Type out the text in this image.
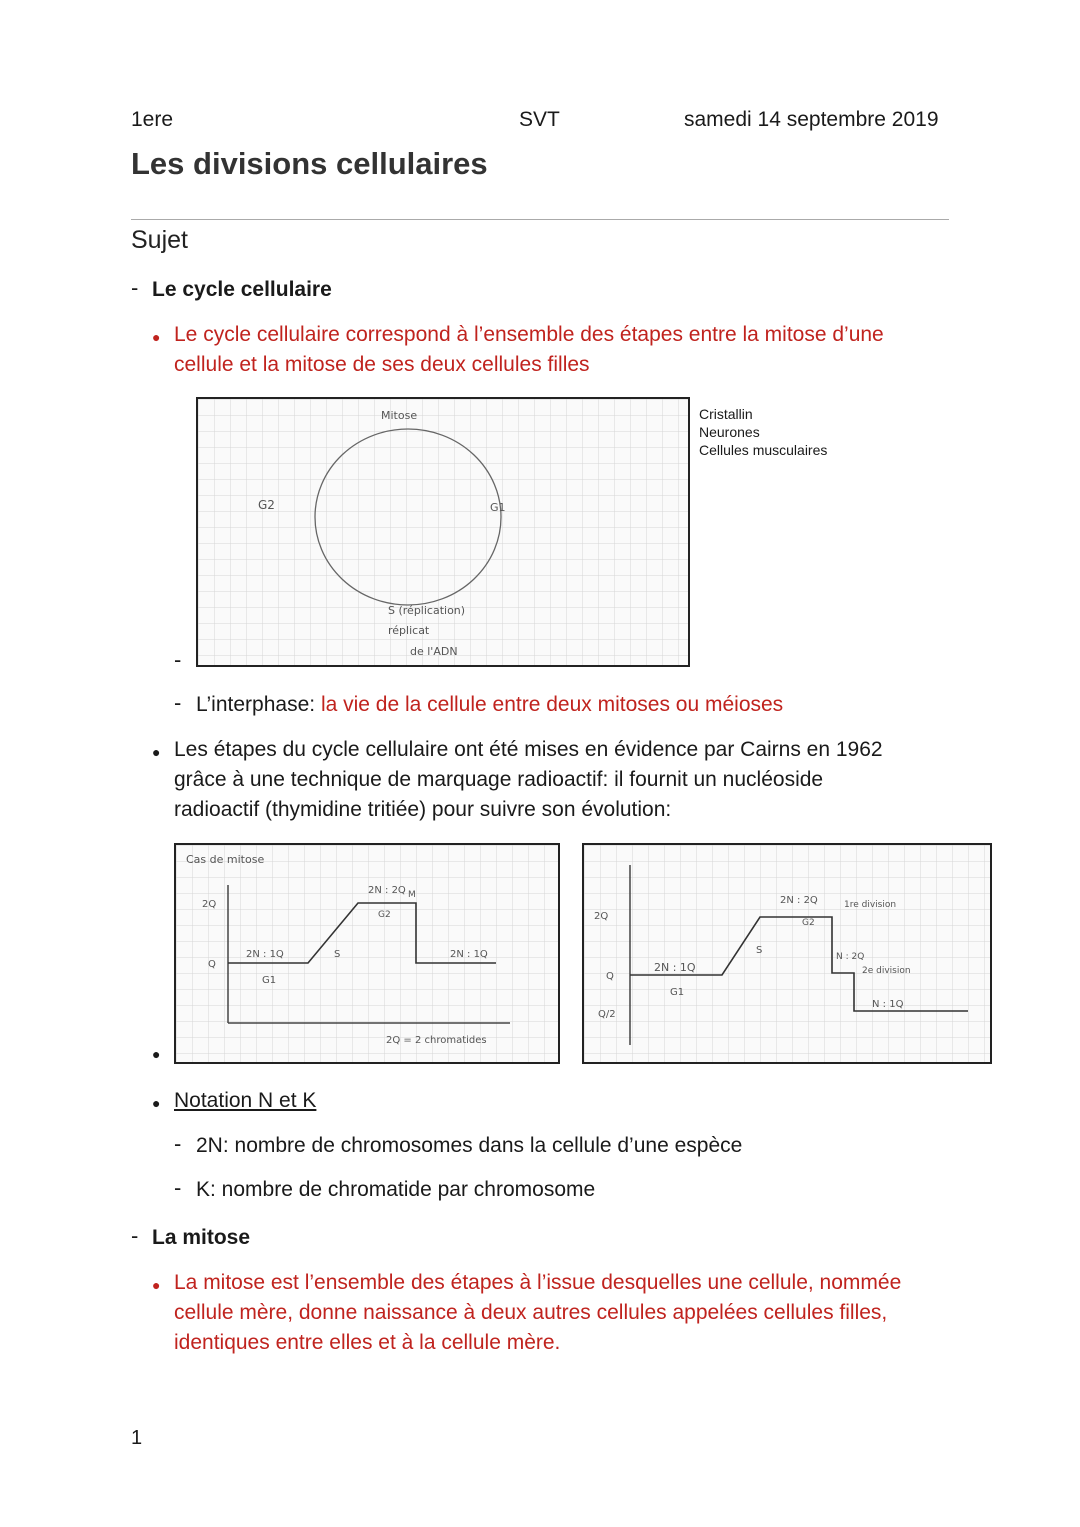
1ere	SVT	samedi 14 septembre 2019
Les divisions cellulaires
Sujet
- Le cycle cellulaire
● Le cycle cellulaire correspond à l’ensemble des étapes entre la mitose d’une
cellule et la mitose de ses deux cellules filles
Mitose
G1
S (réplication)
réplicat
de l'ADN
G2
Cristallin
Neurones
Cellules musculaires
-
- L’interphase: la vie de la cellule entre deux mitoses ou méioses
● Les étapes du cycle cellulaire ont été mises en évidence par Cairns en 1962
grâce à une technique de marquage radioactif: il fournit un nucléoside
radioactif (thymidine tritiée) pour suivre son évolution:
Cas de mitose
2Q
Q
2N : 1Q
G1
S
2N : 2Q
G2
M
2N : 1Q
2Q = 2 chromatides
2Q
Q
Q/2
2N : 1Q
G1
S
2N : 2Q
G2
1re division
N : 2Q
2e division
N : 1Q
●
● Notation N et K
- 2N: nombre de chromosomes dans la cellule d’une espèce
- K: nombre de chromatide par chromosome
- La mitose
● La mitose est l’ensemble des étapes à l’issue desquelles une cellule, nommée
cellule mère, donne naissance à deux autres cellules appelées cellules filles,
identiques entre elles et à la cellule mère.
1
